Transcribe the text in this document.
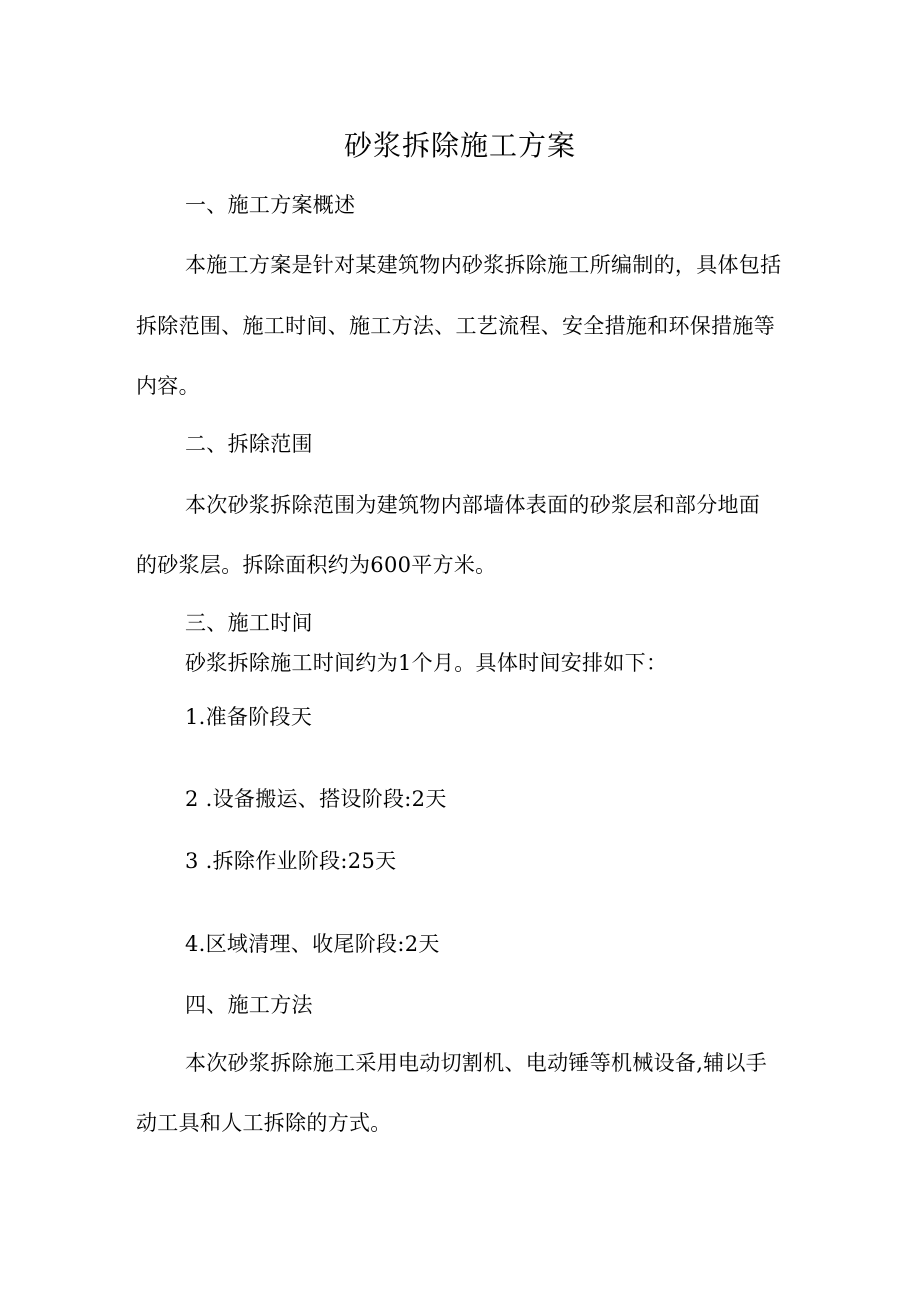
砂浆拆除施工方案
一、施工方案概述
本施工方案是针对某建筑物内砂浆拆除施工所编制的，具体包括
拆除范围、施工时间、施工方法、工艺流程、安全措施和环保措施等
内容。
二、拆除范围
本次砂浆拆除范围为建筑物内部墙体表面的砂浆层和部分地面
的砂浆层。拆除面积约为600平方米。
三、施工时间
砂浆拆除施工时间约为1个月。具体时间安排如下：
1.准备阶段天
2 .设备搬运、搭设阶段:2天
3 .拆除作业阶段:25天
4.区域清理、收尾阶段:2天
四、施工方法
本次砂浆拆除施工采用电动切割机、电动锤等机械设备,辅以手
动工具和人工拆除的方式。
